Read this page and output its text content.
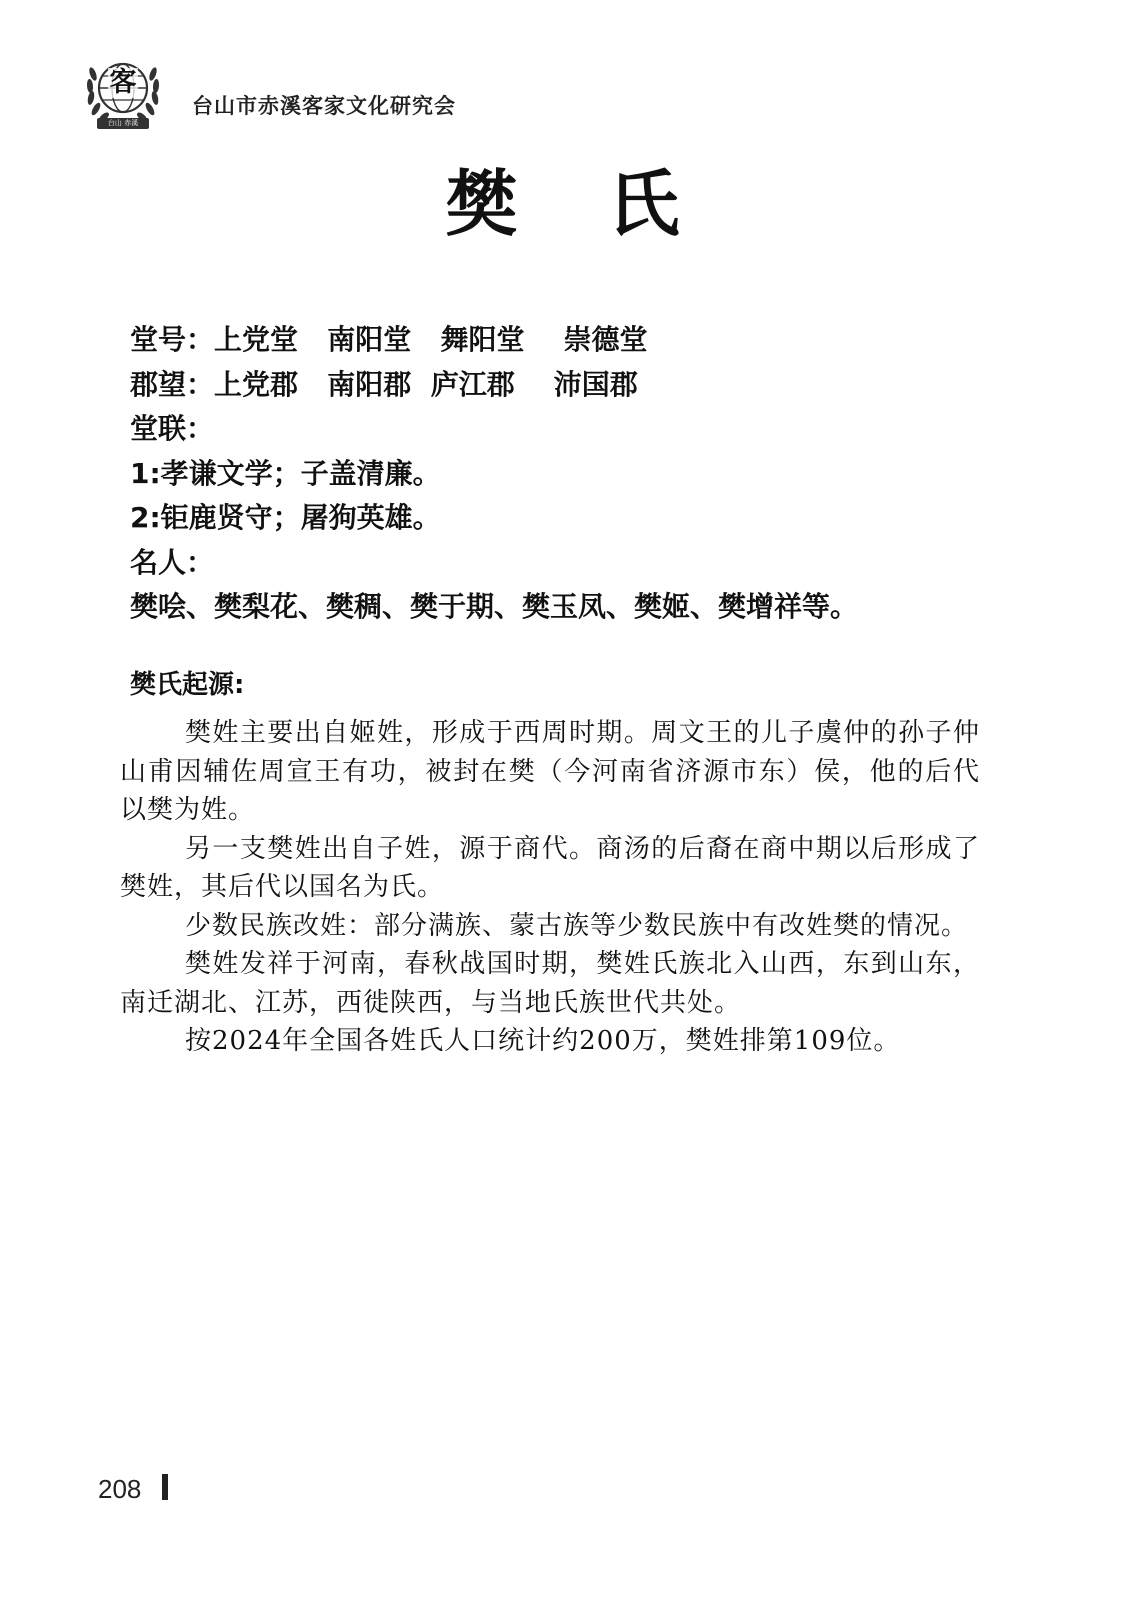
客
台山 赤溪
台山市赤溪客家文化研究会
樊氏
堂号：上党堂   南阳堂   舞阳堂    崇德堂
郡望：上党郡   南阳郡  庐江郡    沛国郡
堂联：
1:孝谦文学；子盖清廉。
2:钜鹿贤守；屠狗英雄。
名人：
樊哙、樊梨花、樊稠、樊于期、樊玉凤、樊姬、樊增祥等。
樊氏起源:

樊姓主要出自姬姓，形成于西周时期。周文王的儿子虞仲的孙子仲山甫因辅佐周宣王有功，被封在樊（今河南省济源市东）侯，他的后代以樊为姓。

另一支樊姓出自子姓，源于商代。商汤的后裔在商中期以后形成了樊姓，其后代以国名为氏。

少数民族改姓：部分满族、蒙古族等少数民族中有改姓樊的情况。

樊姓发祥于河南，春秋战国时期，樊姓氏族北入山西，东到山东，南迁湖北、江苏，西徙陕西，与当地氏族世代共处。

按2024年全国各姓氏人口统计约200万，樊姓排第109位。

208
